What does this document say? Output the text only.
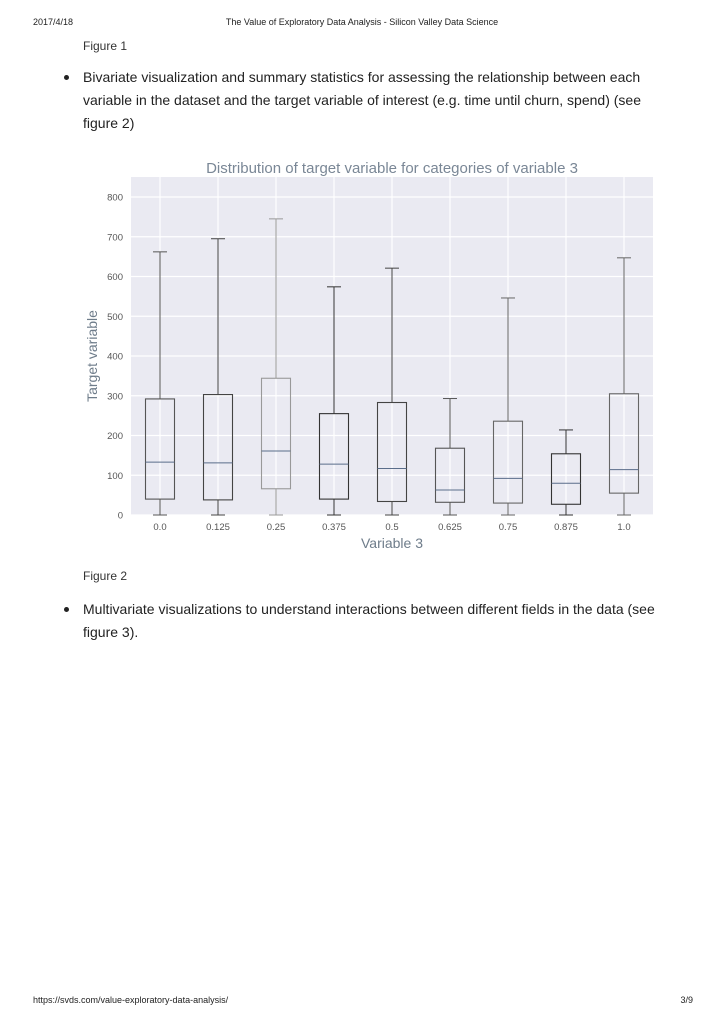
2017/4/18	The Value of Exploratory Data Analysis - Silicon Valley Data Science
Figure 1
Bivariate visualization and summary statistics for assessing the relationship between each variable in the dataset and the target variable of interest (e.g. time until churn, spend) (see figure 2)
Distribution of target variable for categories of variable 3
0
100
200
300
400
500
600
700
800
0.0	0.125	0.25	0.375	0.5	0.625	0.75	0.875	1.0
Variable 3
Target variable
Figure 2
Multivariate visualizations to understand interactions between different fields in the data (see figure 3).
https://svds.com/value-exploratory-data-analysis/	3/9
